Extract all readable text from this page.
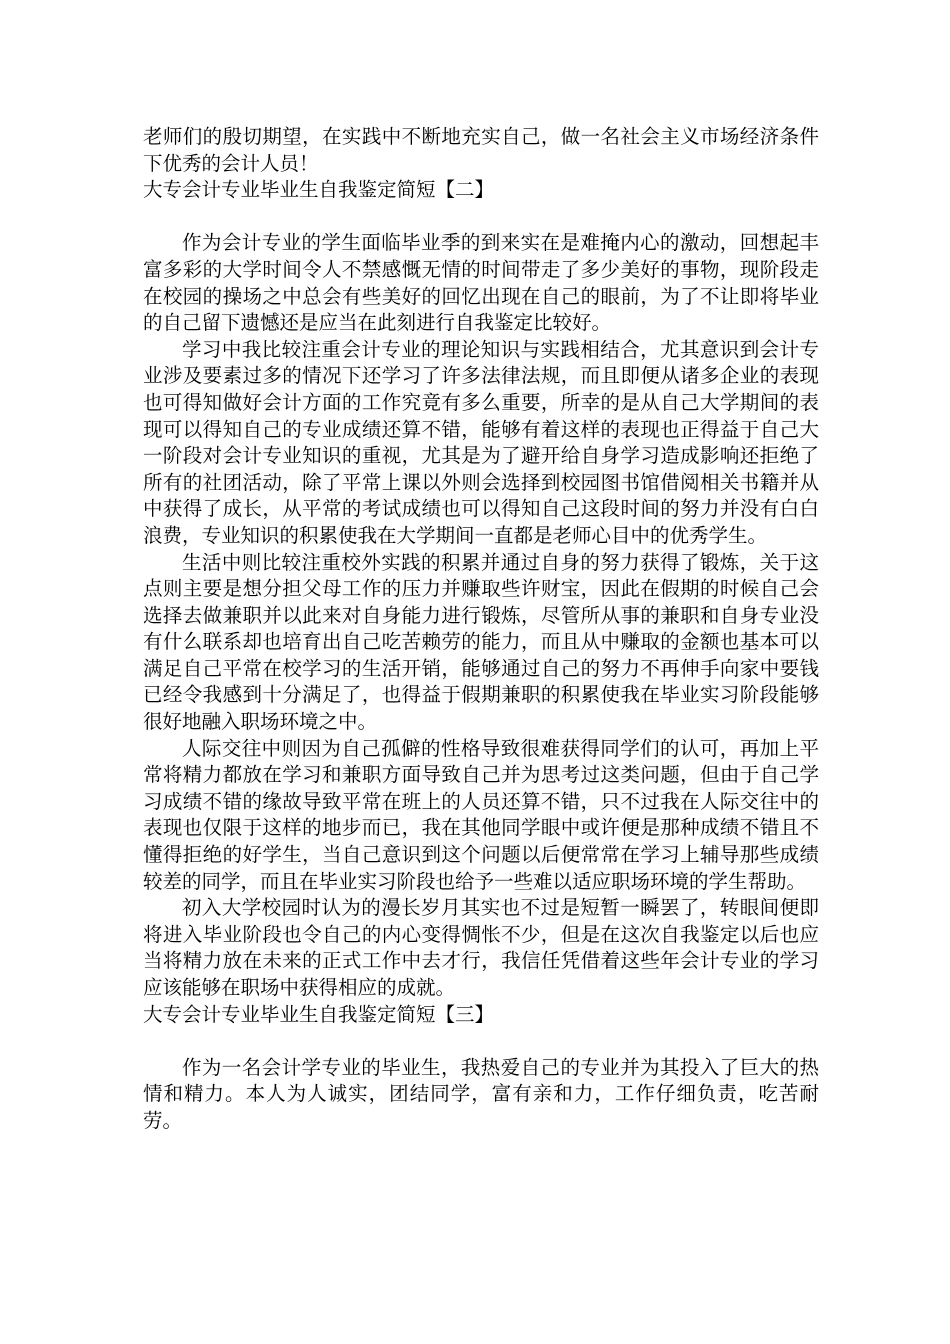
老师们的殷切期望，在实践中不断地充实自己，做一名社会主义市场经济条件下优秀的会计人员！

大专会计专业毕业生自我鉴定简短【二】

作为会计专业的学生面临毕业季的到来实在是难掩内心的激动，回想起丰富多彩的大学时间令人不禁感慨无情的时间带走了多少美好的事物，现阶段走在校园的操场之中总会有些美好的回忆出现在自己的眼前，为了不让即将毕业的自己留下遗憾还是应当在此刻进行自我鉴定比较好。

学习中我比较注重会计专业的理论知识与实践相结合，尤其意识到会计专业涉及要素过多的情况下还学习了许多法律法规，而且即便从诸多企业的表现也可得知做好会计方面的工作究竟有多么重要，所幸的是从自己大学期间的表现可以得知自己的专业成绩还算不错，能够有着这样的表现也正得益于自己大一阶段对会计专业知识的重视，尤其是为了避开给自身学习造成影响还拒绝了所有的社团活动，除了平常上课以外则会选择到校园图书馆借阅相关书籍并从中获得了成长，从平常的考试成绩也可以得知自己这段时间的努力并没有白白浪费，专业知识的积累使我在大学期间一直都是老师心目中的优秀学生。

生活中则比较注重校外实践的积累并通过自身的努力获得了锻炼，关于这点则主要是想分担父母工作的压力并赚取些许财宝，因此在假期的时候自己会选择去做兼职并以此来对自身能力进行锻炼，尽管所从事的兼职和自身专业没有什么联系却也培育出自己吃苦赖劳的能力，而且从中赚取的金额也基本可以满足自己平常在校学习的生活开销，能够通过自己的努力不再伸手向家中要钱已经令我感到十分满足了，也得益于假期兼职的积累使我在毕业实习阶段能够很好地融入职场环境之中。

人际交往中则因为自己孤僻的性格导致很难获得同学们的认可，再加上平常将精力都放在学习和兼职方面导致自己并为思考过这类问题，但由于自己学习成绩不错的缘故导致平常在班上的人员还算不错，只不过我在人际交往中的表现也仅限于这样的地步而已，我在其他同学眼中或许便是那种成绩不错且不懂得拒绝的好学生，当自己意识到这个问题以后便常常在学习上辅导那些成绩较差的同学，而且在毕业实习阶段也给予一些难以适应职场环境的学生帮助。

初入大学校园时认为的漫长岁月其实也不过是短暂一瞬罢了，转眼间便即将进入毕业阶段也令自己的内心变得惆怅不少，但是在这次自我鉴定以后也应当将精力放在未来的正式工作中去才行，我信任凭借着这些年会计专业的学习应该能够在职场中获得相应的成就。

大专会计专业毕业生自我鉴定简短【三】

作为一名会计学专业的毕业生，我热爱自己的专业并为其投入了巨大的热情和精力。本人为人诚实，团结同学，富有亲和力，工作仔细负责，吃苦耐劳。
